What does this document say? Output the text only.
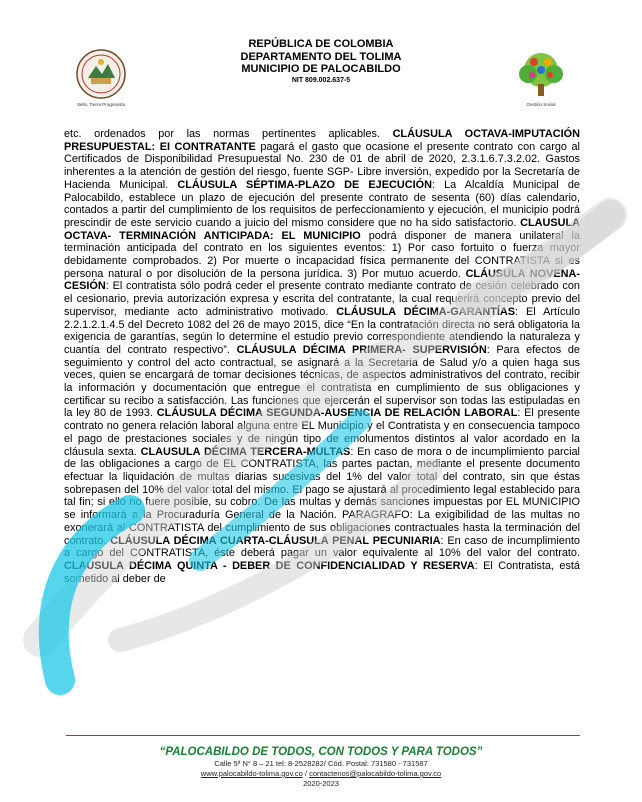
Sello, Tierra Progresista
REPÚBLICA DE COLOMBIA
DEPARTAMENTO DEL TOLIMA
MUNICIPIO DE PALOCABILDO
NIT 809.002.637-5
Gestión Social
etc. ordenados por las normas pertinentes aplicables. CLÁUSULA OCTAVA-IMPUTACIÓN PRESUPUESTAL: EI CONTRATANTE pagará el gasto que ocasione el presente contrato con cargo al Certificados de Disponibilidad Presupuestal No. 230 de 01 de abril de 2020, 2.3.1.6.7.3.2.02. Gastos inherentes a la atención de gestión del riesgo, fuente SGP- Libre inversión, expedido por la Secretaría de Hacienda Municipal. CLÁUSULA SÉPTIMA-PLAZO DE EJECUCIÓN: La Alcaldía Municipal de Palocabildo, establece un plazo de ejecución del presente contrato de sesenta (60) días calendario, contados a partir del cumplimiento de los requisitos de perfeccionamiento y ejecución, el municipio podrá prescindir de este servicio cuando a juicio del mismo considere que no ha sido satisfactorio. CLAUSULA OCTAVA- TERMINACIÓN ANTICIPADA: EL MUNICIPIO podrá disponer de manera unilateral la terminación anticipada del contrato en los siguientes eventos: 1) Por caso fortuito o fuerza mayor debidamente comprobados. 2) Por muerte o incapacidad física permanente del CONTRATISTA si es persona natural o por disolución de la persona jurídica. 3) Por mutuo acuerdo. CLÁUSULA NOVENA- CESIÓN: El contratista sólo podrá ceder el presente contrato mediante contrato de cesión celebrado con el cesionario, previa autorización expresa y escrita del contratante, la cual requerirá concepto previo del supervisor, mediante acto administrativo motivado. CLÁUSULA DÉCIMA-GARANTÍAS: El Artículo 2.2.1.2.1.4.5 del Decreto 1082 del 26 de mayo 2015, dice “En la contratación directa no será obligatoria la exigencia de garantías, según lo determine el estudio previo correspondiente atendiendo la naturaleza y cuantía del contrato respectivo”. CLÁUSULA DÉCIMA PRIMERA- SUPERVISIÓN: Para efectos de seguimiento y control del acto contractual, se asignará a la Secretaria de Salud y/o a quien haga sus veces, quien se encargará de tomar decisiones técnicas, de aspectos administrativos del contrato, recibir la información y documentación que entregue el contratista en cumplimiento de sus obligaciones y certificar su recibo a satisfacción. Las funciones que ejercerán el supervisor son todas las estipuladas en la ley 80 de 1993. CLÁUSULA DÉCIMA SEGUNDA-AUSENCIA DE RELACIÓN LABORAL: El presente contrato no genera relación laboral alguna entre EL Municipio y el Contratista y en consecuencia tampoco el pago de prestaciones sociales y de ningún tipo de emolumentos distintos al valor acordado en la cláusula sexta. CLAUSULA DÉCIMA TERCERA-MULTAS: En caso de mora o de incumplimiento parcial de las obligaciones a cargo de EL CONTRATISTA, las partes pactan, mediante el presente documento efectuar la liquidación de multas diarias sucesivas del 1% del valor total del contrato, sin que éstas sobrepasen del 10% del valor total del mismo. El pago se ajustará al procedimiento legal establecido para tal fin; si ello no fuere posible, su cobro. De las multas y demás sanciones impuestas por EL MUNICIPIO se informará a la Procuraduría General de la Nación. PARAGRAFO: La exigibilidad de las multas no exonerará al CONTRATISTA del cumplimiento de sus obligaciones contractuales hasta la terminación del contrato. CLÁUSULA DÉCIMA CUARTA-CLÁUSULA PENAL PECUNIARIA: En caso de incumplimiento a cargo del CONTRATISTA, éste deberá pagar un valor equivalente al 10% del valor del contrato. CLAUSULA DÉCIMA QUINTA - DEBER DE CONFIDENCIALIDAD Y RESERVA: El Contratista, está sometido al deber de
“PALOCABILDO DE TODOS, CON TODOS Y PARA TODOS”
Calle 5ª N° 8 – 21 tel: 8-2528282/ Cód. Postal: 731580 - 731587
www.palocabildo-tolima.gov.co / contactenos@palocabildo-tolima.gov.co
2020-2023
